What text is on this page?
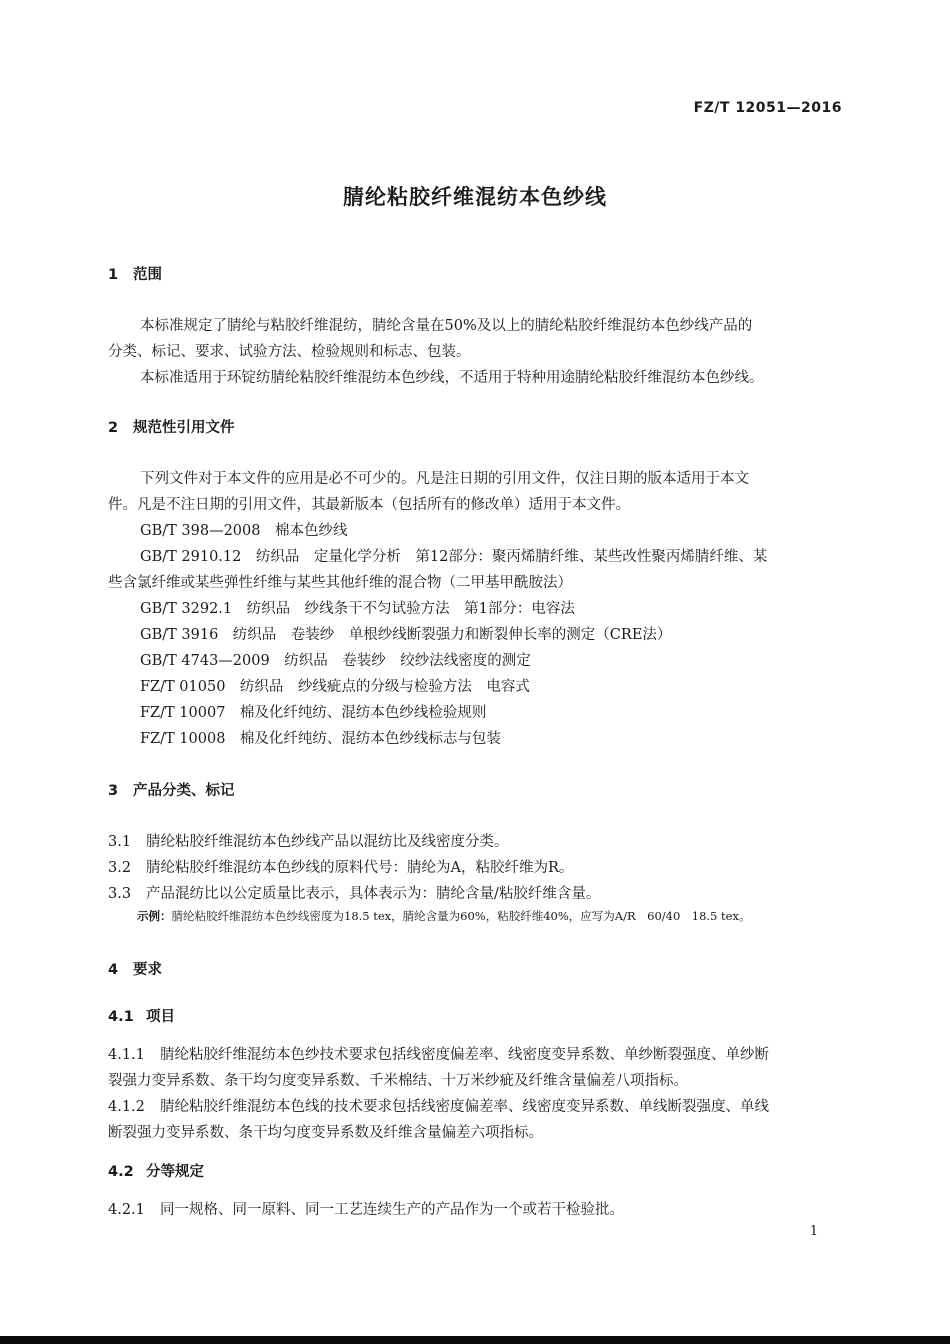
FZ/T 12051—2016
腈纶粘胶纤维混纺本色纱线
1 范围
本标准规定了腈纶与粘胶纤维混纺，腈纶含量在50%及以上的腈纶粘胶纤维混纺本色纱线产品的
分类、标记、要求、试验方法、检验规则和标志、包装。
本标准适用于环锭纺腈纶粘胶纤维混纺本色纱线，不适用于特种用途腈纶粘胶纤维混纺本色纱线。
2 规范性引用文件
下列文件对于本文件的应用是必不可少的。凡是注日期的引用文件，仅注日期的版本适用于本文
件。凡是不注日期的引用文件，其最新版本（包括所有的修改单）适用于本文件。
GB/T 398—2008　棉本色纱线
GB/T 2910.12　纺织品　定量化学分析　第12部分：聚丙烯腈纤维、某些改性聚丙烯腈纤维、某
些含氯纤维或某些弹性纤维与某些其他纤维的混合物（二甲基甲酰胺法）
GB/T 3292.1　纺织品　纱线条干不匀试验方法　第1部分：电容法
GB/T 3916　纺织品　卷装纱　单根纱线断裂强力和断裂伸长率的测定（CRE法）
GB/T 4743—2009　纺织品　卷装纱　绞纱法线密度的测定
FZ/T 01050　纺织品　纱线疵点的分级与检验方法　电容式
FZ/T 10007　棉及化纤纯纺、混纺本色纱线检验规则
FZ/T 10008　棉及化纤纯纺、混纺本色纱线标志与包装
3 产品分类、标记
3.1 腈纶粘胶纤维混纺本色纱线产品以混纺比及线密度分类。
3.2 腈纶粘胶纤维混纺本色纱线的原料代号：腈纶为A，粘胶纤维为R。
3.3 产品混纺比以公定质量比表示，具体表示为：腈纶含量/粘胶纤维含量。
示例：腈纶粘胶纤维混纺本色纱线密度为18.5 tex，腈纶含量为60%，粘胶纤维40%，应写为A/R　60/40　18.5 tex。
4 要求
4.1 项目
4.1.1 腈纶粘胶纤维混纺本色纱技术要求包括线密度偏差率、线密度变异系数、单纱断裂强度、单纱断
裂强力变异系数、条干均匀度变异系数、千米棉结、十万米纱疵及纤维含量偏差八项指标。
4.1.2 腈纶粘胶纤维混纺本色线的技术要求包括线密度偏差率、线密度变异系数、单线断裂强度、单线
断裂强力变异系数、条干均匀度变异系数及纤维含量偏差六项指标。
4.2 分等规定
4.2.1 同一规格、同一原料、同一工艺连续生产的产品作为一个或若干检验批。
1
